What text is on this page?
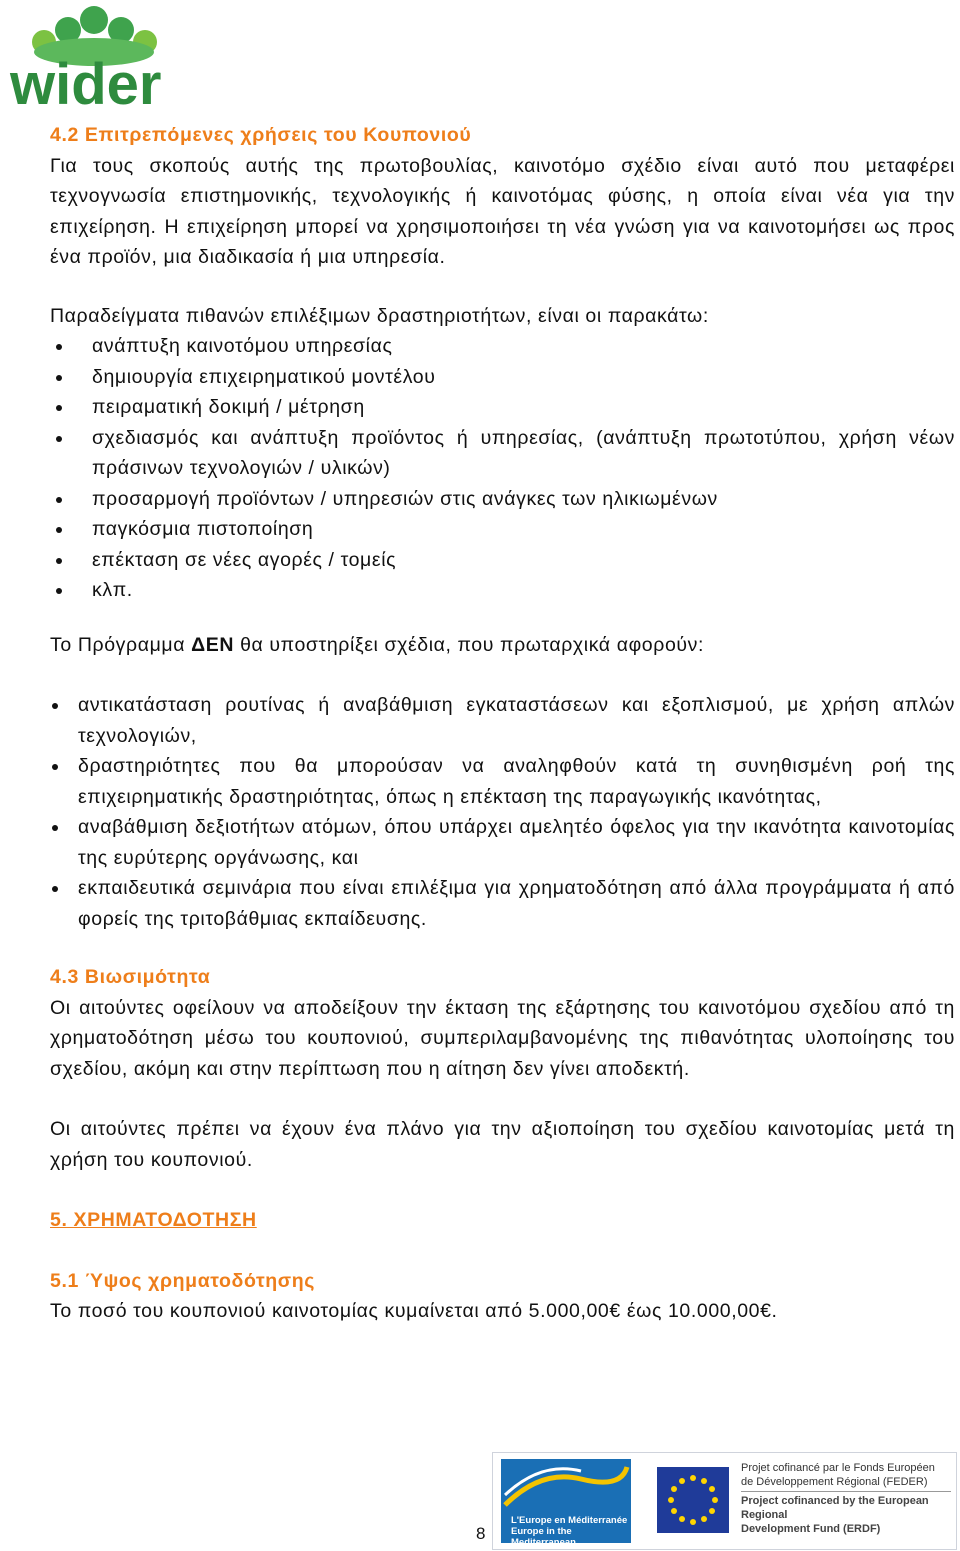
wider

4.2 Επιτρεπόμενες χρήσεις του Κουπονιού

Για τους σκοπούς αυτής της πρωτοβουλίας, καινοτόμο σχέδιο είναι αυτό που μεταφέρει τεχνογνωσία επιστημονικής, τεχνολογικής ή καινοτόμας φύσης, η οποία είναι νέα για την επιχείρηση. Η επιχείρηση μπορεί να χρησιμοποιήσει τη νέα γνώση για να καινοτομήσει ως προς ένα προϊόν, μια διαδικασία ή μια υπηρεσία.

Παραδείγματα πιθανών επιλέξιμων δραστηριοτήτων, είναι οι παρακάτω:

ανάπτυξη καινοτόμου υπηρεσίας
δημιουργία επιχειρηματικού μοντέλου
πειραματική δοκιμή / μέτρηση
σχεδιασμός και ανάπτυξη προϊόντος ή υπηρεσίας, (ανάπτυξη πρωτοτύπου, χρήση νέων πράσινων τεχνολογιών / υλικών)
προσαρμογή προϊόντων / υπηρεσιών στις ανάγκες των ηλικιωμένων
παγκόσμια πιστοποίηση
επέκταση σε νέες αγορές / τομείς
κλπ.

Το Πρόγραμμα ΔΕΝ θα υποστηρίξει σχέδια, που πρωταρχικά αφορούν:

αντικατάσταση ρουτίνας ή αναβάθμιση εγκαταστάσεων και εξοπλισμού, με χρήση απλών τεχνολογιών,
δραστηριότητες που θα μπορούσαν να αναληφθούν κατά τη συνηθισμένη ροή της επιχειρηματικής δραστηριότητας, όπως η επέκταση της παραγωγικής ικανότητας,
αναβάθμιση δεξιοτήτων ατόμων, όπου υπάρχει αμελητέο όφελος για την ικανότητα καινοτομίας της ευρύτερης οργάνωσης, και
εκπαιδευτικά σεμινάρια που είναι επιλέξιμα για χρηματοδότηση από άλλα προγράμματα ή από φορείς της τριτοβάθμιας εκπαίδευσης.

4.3 Βιωσιμότητα

Οι αιτούντες οφείλουν να αποδείξουν την έκταση της εξάρτησης του καινοτόμου σχεδίου από τη χρηματοδότηση μέσω του κουπονιού, συμπεριλαμβανομένης της πιθανότητας υλοποίησης του σχεδίου, ακόμη και στην περίπτωση που η αίτηση δεν γίνει αποδεκτή.

Οι αιτούντες πρέπει να έχουν ένα πλάνο για την αξιοποίηση του σχεδίου καινοτομίας μετά τη χρήση του κουπονιού.

5. ΧΡΗΜΑΤΟΔΟΤΗΣΗ

5.1 Ύψος χρηματοδότησης

Το ποσό του κουπονιού καινοτομίας κυμαίνεται από 5.000,00€ έως 10.000,00€.

L'Europe en Méditerranée
Europe in the Mediterranean
Projet cofinancé par le Fonds Européen
de Développement Régional (FEDER)
Project cofinanced by the European Regional
Development Fund (ERDF)
8
